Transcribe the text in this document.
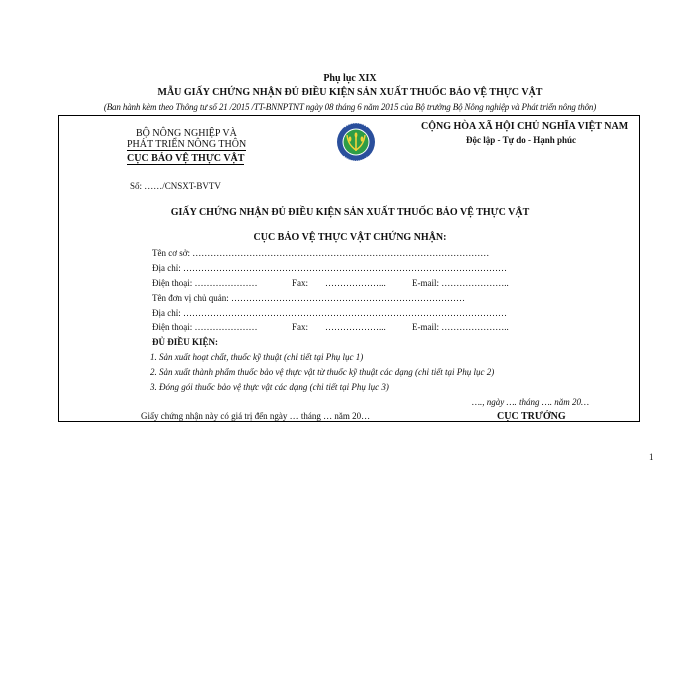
Phụ lục XIX
MẪU GIẤY CHỨNG NHẬN ĐỦ ĐIỀU KIỆN SẢN XUẤT THUỐC BẢO VỆ THỰC VẬT
(Ban hành kèm theo Thông tư số 21 /2015 /TT-BNNPTNT ngày 08 tháng 6 năm 2015 của Bộ trưởng Bộ Nông nghiệp và Phát triển nông thôn)
BỘ NÔNG NGHIỆP VÀ
PHÁT TRIỂN NÔNG THÔN
CỤC BẢO VỆ THỰC VẬT
Số: ……/CNSXT-BVTV
CỘNG HÒA XÃ HỘI CHỦ NGHĨA VIỆT NAM
Độc lập - Tự do - Hạnh phúc
GIẤY CHỨNG NHẬN ĐỦ ĐIỀU KIỆN SẢN XUẤT THUỐC BẢO VỆ THỰC VẬT
CỤC BẢO VỆ THỰC VẬT CHỨNG NHẬN:
Tên cơ sở: ………………………………………………………………………………………
Địa chỉ: ………………………………………………………………………………………………
Điện thoại: …………………	Fax: ………………...	E-mail: …………………..
Tên đơn vị chủ quản: ……………………………………………………………………
Địa chỉ: ………………………………………………………………………………………………
Điện thoại: …………………	Fax: ………………...	E-mail: …………………..
ĐỦ ĐIỀU KIỆN:
1. Sản xuất hoạt chất, thuốc kỹ thuật (chi tiết tại Phụ lục 1)
2. Sản xuất thành phẩm thuốc bảo vệ thực vật từ thuốc kỹ thuật các dạng (chi tiết tại Phụ lục 2)
3. Đóng gói thuốc bảo vệ thực vật các dạng (chi tiết tại Phụ lục 3)
…., ngày …. tháng …. năm 20…
Giấy chứng nhận này có giá trị đến ngày … tháng … năm 20…	CỤC TRƯỞNG
1
